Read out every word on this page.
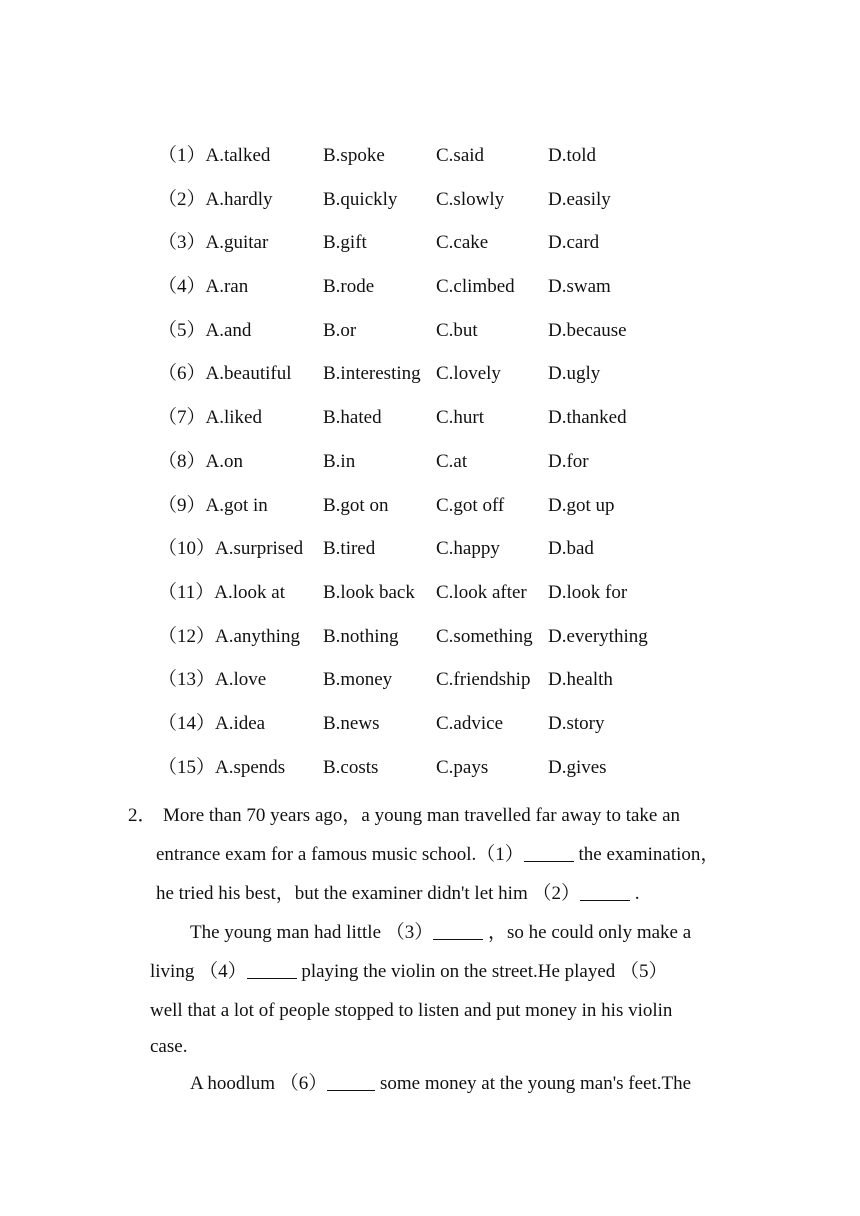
（1）A.talked	B.spoke	C.said	D.told
（2）A.hardly	B.quickly C.slowly D.easily
（3）A.guitar	B.gift	C.cake	D.card
（4）A.ran	B.rode	C.climbed D.swam
（5）A.and	B.or	C.but	D.because
（6）A.beautiful B.interesting C.lovely D.ugly
（7）A.liked	B.hated	C.hurt	D.thanked
（8）A.on	B.in	C.at	D.for
（9）A.got in	B.got on	C.got off D.got up
（10）A.surprised B.tired	C.happy	D.bad
（11）A.look at B.look back C.look after D.look for
（12）A.anything B.nothing C.something D.everything
（13）A.love	B.money C.friendship D.health
（14）A.idea	B.news	C.advice D.story
（15）A.spends B.costs	C.pays	D.gives
2． More than 70 years ago，a young man travelled far away to take an
entrance exam for a famous music school.（1）	the examination，
he tried his best，but the examiner didn't let him （2）	.
The young man had little （3）	，so he could only make a
living （4）	playing the violin on the street.He played （5）
well that a lot of people stopped to listen and put money in his violin
case.
A hoodlum （6）	some money at the young man's feet.The
